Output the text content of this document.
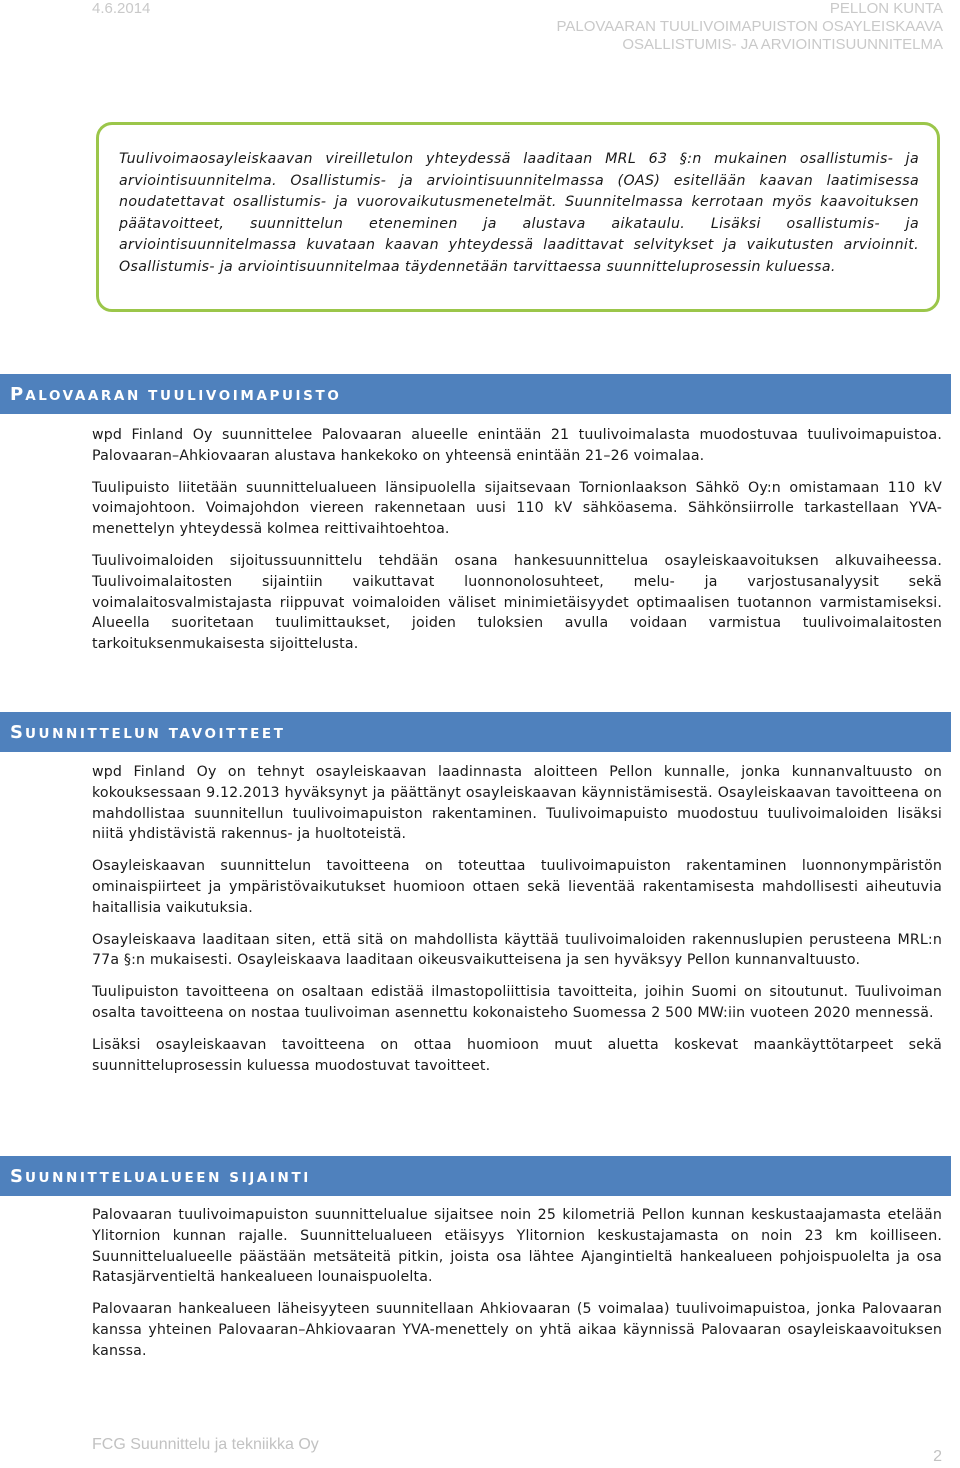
4.6.2014	PELLON KUNTA
PALOVAARAN TUULIVOIMAPUISTON OSAYLEISKAAVA
OSALLISTUMIS- JA ARVIOINTISUUNNITELMA

Tuulivoimaosayleiskaavan vireilletulon yhteydessä laaditaan MRL 63 §:n mukainen osallistumis- ja arviointisuunnitelma. Osallistumis- ja arviointisuunnitelmassa (OAS) esitellään kaavan laatimisessa noudatettavat osallistumis- ja vuorovaikutusmenetelmät. Suunnitelmassa kerrotaan myös kaavoituksen päätavoitteet, suunnittelun eteneminen ja alustava aikataulu. Lisäksi osallistumis- ja arviointisuunnitelmassa kuvataan kaavan yhteydessä laadittavat selvitykset ja vaikutusten arvioinnit. Osallistumis- ja arviointisuunnitelmaa täydennetään tarvittaessa suunnitteluprosessin kuluessa.

PALOVAARAN TUULIVOIMAPUISTO

wpd Finland Oy suunnittelee Palovaaran alueelle enintään 21 tuulivoimalasta muodostuvaa tuulivoimapuistoa. Palovaaran–Ahkiovaaran alustava hankekoko on yhteensä enintään 21–26 voimalaa.

Tuulipuisto liitetään suunnittelualueen länsipuolella sijaitsevaan Tornionlaakson Sähkö Oy:n omistamaan 110 kV voimajohtoon. Voimajohdon viereen rakennetaan uusi 110 kV sähköasema. Sähkönsiirrolle tarkastellaan YVA-menettelyn yhteydessä kolmea reittivaihtoehtoa.

Tuulivoimaloiden sijoitussuunnittelu tehdään osana hankesuunnittelua osayleiskaavoituksen alkuvaiheessa. Tuulivoimalaitosten sijaintiin vaikuttavat luonnonolosuhteet, melu- ja varjostusanalyysit sekä voimalaitosvalmistajasta riippuvat voimaloiden väliset minimietäisyydet optimaalisen tuotannon varmistamiseksi. Alueella suoritetaan tuulimittaukset, joiden tuloksien avulla voidaan varmistua tuulivoimalaitosten tarkoituksenmukaisesta sijoittelusta.

SUUNNITTELUN TAVOITTEET

wpd Finland Oy on tehnyt osayleiskaavan laadinnasta aloitteen Pellon kunnalle, jonka kunnanvaltuusto on kokouksessaan 9.12.2013 hyväksynyt ja päättänyt osayleiskaavan käynnistämisestä. Osayleiskaavan tavoitteena on mahdollistaa suunnitellun tuulivoimapuiston rakentaminen. Tuulivoimapuisto muodostuu tuulivoimaloiden lisäksi niitä yhdistävistä rakennus- ja huoltoteistä.

Osayleiskaavan suunnittelun tavoitteena on toteuttaa tuulivoimapuiston rakentaminen luonnonympäristön ominaispiirteet ja ympäristövaikutukset huomioon ottaen sekä lieventää rakentamisesta mahdollisesti aiheutuvia haitallisia vaikutuksia.

Osayleiskaava laaditaan siten, että sitä on mahdollista käyttää tuulivoimaloiden rakennuslupien perusteena MRL:n 77a §:n mukaisesti. Osayleiskaava laaditaan oikeusvaikutteisena ja sen hyväksyy Pellon kunnanvaltuusto.

Tuulipuiston tavoitteena on osaltaan edistää ilmastopoliittisia tavoitteita, joihin Suomi on sitoutunut. Tuulivoiman osalta tavoitteena on nostaa tuulivoiman asennettu kokonaisteho Suomessa 2 500 MW:iin vuoteen 2020 mennessä.

Lisäksi osayleiskaavan tavoitteena on ottaa huomioon muut aluetta koskevat maankäyttötarpeet sekä suunnitteluprosessin kuluessa muodostuvat tavoitteet.

SUUNNITTELUALUEEN SIJAINTI

Palovaaran tuulivoimapuiston suunnittelualue sijaitsee noin 25 kilometriä Pellon kunnan keskustaajamasta etelään Ylitornion kunnan rajalle. Suunnittelualueen etäisyys Ylitornion keskustajamasta on noin 23 km koilliseen. Suunnittelualueelle päästään metsäteitä pitkin, joista osa lähtee Ajangintieltä hankealueen pohjoispuolelta ja osa Ratasjärventieltä hankealueen lounaispuolelta.

Palovaaran hankealueen läheisyyteen suunnitellaan Ahkiovaaran (5 voimalaa) tuulivoimapuistoa, jonka Palovaaran kanssa yhteinen Palovaaran–Ahkiovaaran YVA-menettely on yhtä aikaa käynnissä Palovaaran osayleiskaavoituksen kanssa.

FCG Suunnittelu ja tekniikka Oy
2
